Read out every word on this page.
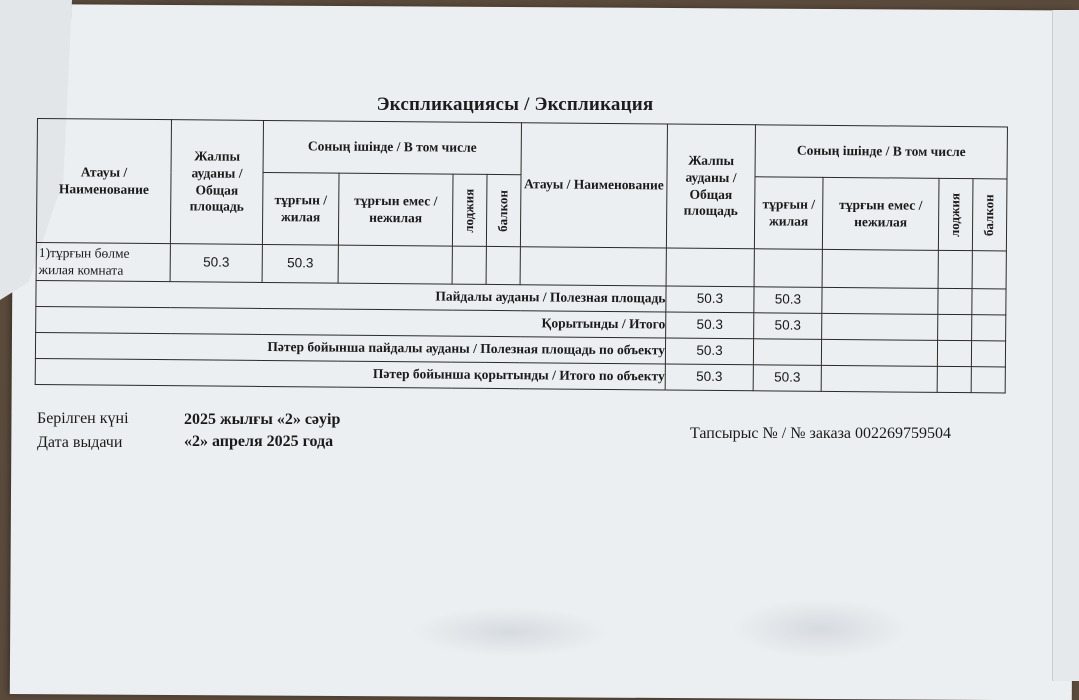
Экспликациясы / Экспликация
Атауы / Наименование	Жалпы ауданы / Общая площадь	Соның ішінде / В том числе				Атауы / Наименование	Жалпы ауданы / Общая площадь	Соның ішінде / В том числе			
		тұрғын / жилая	тұрғын емес / нежилая	лоджия	балкон			тұрғын / жилая	тұрғын емес / нежилая	лоджия	балкон

1)тұрғын бөлме жилая комната	50.3	50.3									
Пайдалы ауданы / Полезная площадь							50.3	50.3			
Қорытынды / Итого							50.3	50.3			
Пәтер бойынша пайдалы ауданы / Полезная площадь по объекту							50.3				
Пәтер бойынша қорытынды / Итого по объекту							50.3	50.3			
Берілген күні	2025 жылғы «2» сәуір
Дата выдачи	«2» апреля 2025 года	Тапсырыс № / № заказа 002269759504
